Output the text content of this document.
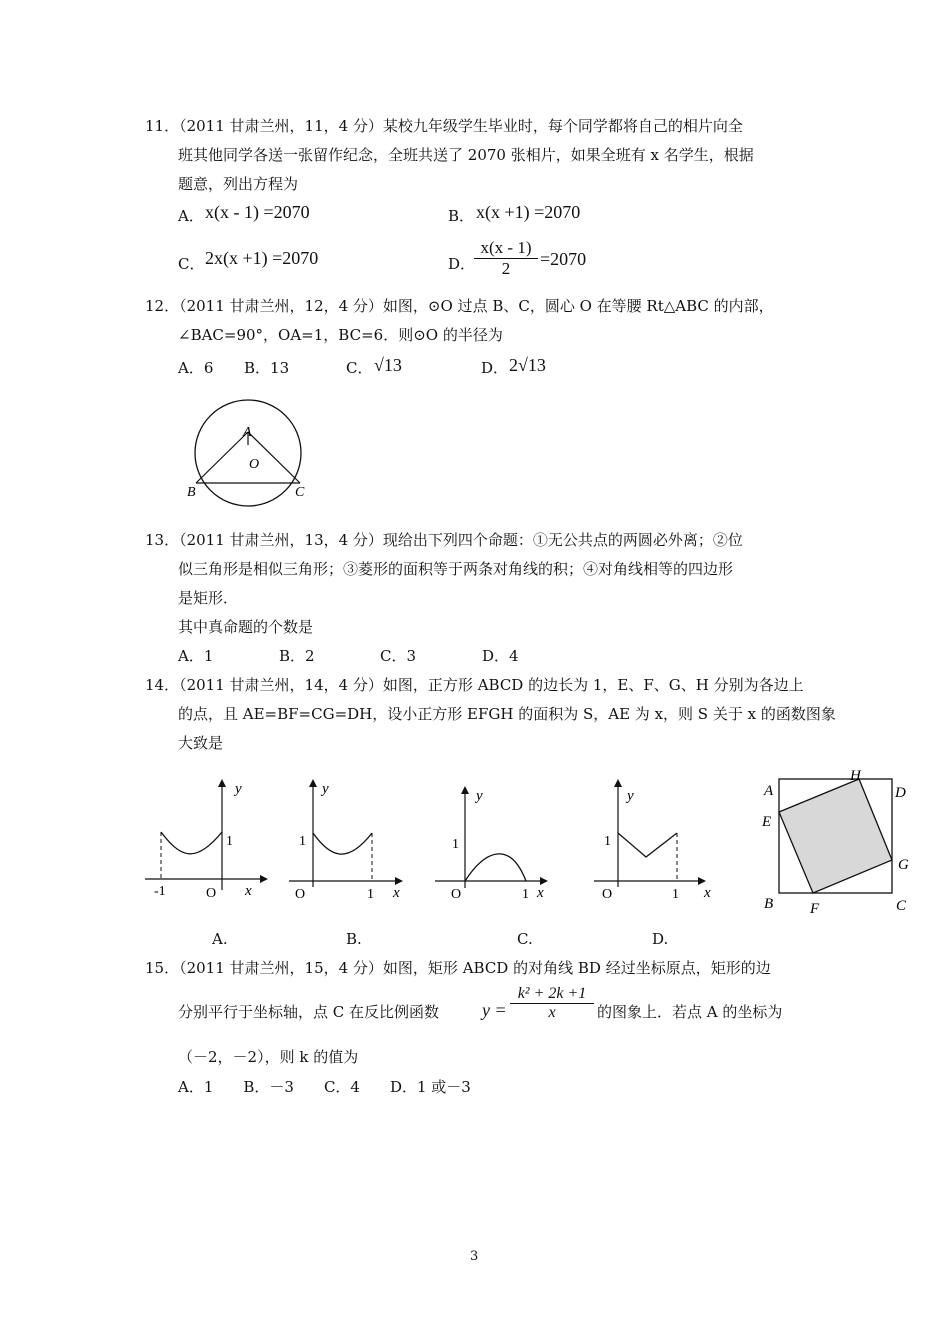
11．（2011 甘肃兰州，11，4 分）某校九年级学生毕业时，每个同学都将自己的相片向全
班其他同学各送一张留作纪念，全班共送了 2070 张相片，如果全班有 x 名学生，根据
题意，列出方程为
A． x(x - 1) =2070	B． x(x +1) =2070
C． 2x(x +1) =2070	D．
$\frac{x(x - 1)}{2} =2070$
12．（2011 甘肃兰州，12，4 分）如图，⊙O 过点 B、C，圆心 O 在等腰 Rt△ABC 的内部，
∠BAC=90°，OA=1，BC=6．则⊙O 的半径为
A．6 B．13	C． √13	D． 2√13
A
O
B	C
13．（2011 甘肃兰州，13，4 分）现给出下列四个命题：①无公共点的两圆必外离；②位
似三角形是相似三角形；③菱形的面积等于两条对角线的积；④对角线相等的四边形
是矩形．
其中真命题的个数是
A．1	B．2	C．3	D．4
14．（2011 甘肃兰州，14，4 分）如图，正方形 ABCD 的边长为 1，E、F、G、H 分别为各边上
的点，且 AE=BF=CG=DH，设小正方形 EFGH 的面积为 S，AE 为 x，则 S 关于 x 的函数图象
大致是
y
x
1
-1	O
y
x
1
1
O
y
x
1
1
O
y
x
1
1
O
A
H
D
E
G
B F	C
A.	B.	C.	D.
15．（2011 甘肃兰州，15，4 分）如图，矩形 ABCD 的对角线 BD 经过坐标原点，矩形的边
分别平行于坐标轴，点 C 在反比例函数 $y = \frac{\text{k² + 2k +1}}{x}$ 的图象上．若点 A 的坐标为
（－2，－2），则 k 的值为
A．1　　B．－3　　C．4　　D．1 或－3
3
